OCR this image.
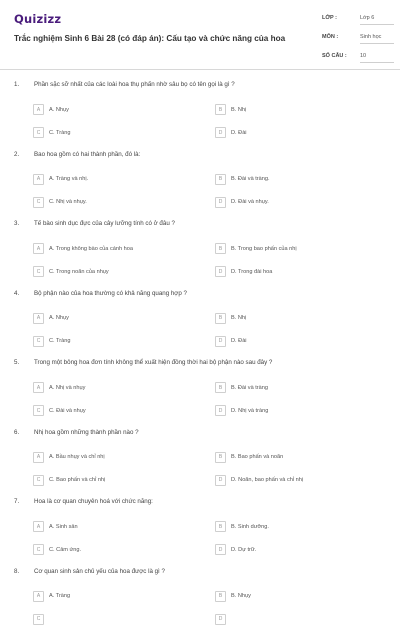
Quizizz
Trắc nghiệm Sinh 6 Bài 28 (có đáp án): Cấu tạo và chức năng của hoa
LỚP :	Lớp 6
MÔN :	Sinh học
SỐ CÂU :	10
1. Phần sặc sỡ nhất của các loài hoa thụ phấn nhờ sâu bọ có tên gọi là gì ?
A	A. Nhụy	B	B. Nhị
C	C. Tràng	D	D. Đài
2. Bao hoa gồm có hai thành phần, đó là:
A	A. Tràng và nhị.	B	B. Đài và tràng.
C	C. Nhị và nhụy.	D	D. Đài và nhụy.
3. Tế bào sinh dục đực của cây lưỡng tính có ở đâu ?
A	A. Trong không bào của cánh hoa	B	B. Trong bao phấn của nhị
C	C. Trong noãn của nhụy	D	D. Trong đài hoa
4. Bộ phận nào của hoa thường có khả năng quang hợp ?
A	A. Nhụy	B	B. Nhị
C	C. Tràng	D	D. Đài
5. Trong một bông hoa đơn tính không thể xuất hiện đồng thời hai bộ phận nào sau đây ?
A	A. Nhị và nhụy	B	B. Đài và tràng
C	C. Đài và nhụy	D	D. Nhị và tràng
6. Nhị hoa gồm những thành phần nào ?
A	A. Bầu nhụy và chỉ nhị	B	B. Bao phấn và noãn
C	C. Bao phấn và chỉ nhị	D	D. Noãn, bao phấn và chỉ nhị
7. Hoa là cơ quan chuyên hoá với chức năng:
A	A. Sinh sản	B	B. Sinh dưỡng.
C	C. Cảm ứng.	D	D. Dự trữ.
8. Cơ quan sinh sản chủ yếu của hoa được là gì ?
A	A. Tràng	B	B. Nhụy
C	D
